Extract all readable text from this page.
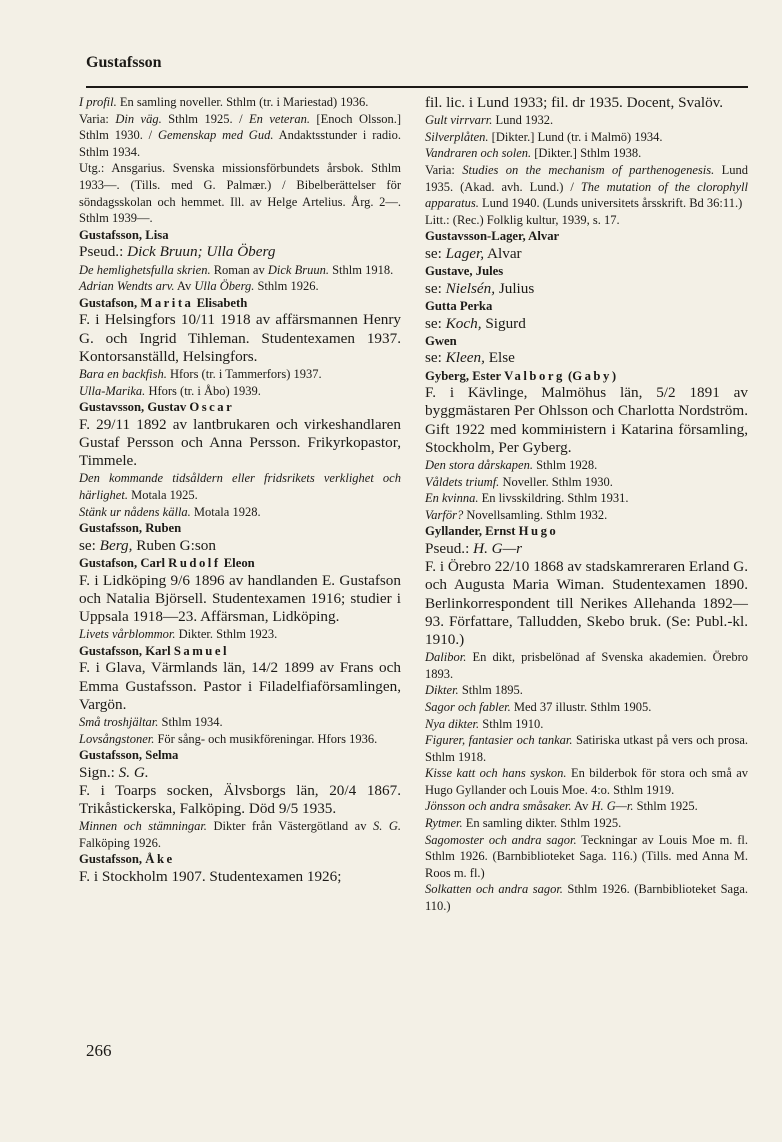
Gustafsson
I profil. En samling noveller. Sthlm (tr. i Mariestad) 1936.
Varia: Din väg. Sthlm 1925. / En veteran. [Enoch Olsson.] Sthlm 1930. / Gemenskap med Gud. Andaktsstunder i radio. Sthlm 1934.
Utg.: Ansgarius. Svenska missionsförbundets årsbok. Sthlm 1933—. (Tills. med G. Palmær.) / Bibelberättelser för söndagsskolan och hemmet. Ill. av Helge Artelius. Årg. 2—. Sthlm 1939—.
Gustafsson, Lisa
Pseud.: Dick Bruun; Ulla Öberg
De hemlighetsfulla skrien. Roman av Dick Bruun. Sthlm 1918.
Adrian Wendts arv. Av Ulla Öberg. Sthlm 1926.
Gustafson, Marita Elisabeth
F. i Helsingfors 10/11 1918 av affärsmannen Henry G. och Ingrid Tihleman. Studentexamen 1937. Kontorsanställd, Helsingfors.
Bara en backfish. Hfors (tr. i Tammerfors) 1937.
Ulla-Marika. Hfors (tr. i Åbo) 1939.
Gustavsson, Gustav Oscar
F. 29/11 1892 av lantbrukaren och virkeshandlaren Gustaf Persson och Anna Persson. Frikyrkopastor, Timmele.
Den kommande tidsåldern eller fridsrikets verklighet och härlighet. Motala 1925.
Stänk ur nådens källa. Motala 1928.
Gustafsson, Ruben
se: Berg, Ruben G:son
Gustafson, Carl Rudolf Eleon
F. i Lidköping 9/6 1896 av handlanden E. Gustafson och Natalia Björsell. Studentexamen 1916; studier i Uppsala 1918—23. Affärsman, Lidköping.
Livets vårblommor. Dikter. Sthlm 1923.
Gustafsson, Karl Samuel
F. i Glava, Värmlands län, 14/2 1899 av Frans och Emma Gustafsson. Pastor i Filadelfiaförsamlingen, Vargön.
Små troshjältar. Sthlm 1934.
Lovsångstoner. För sång- och musikföreningar. Hfors 1936.
Gustafsson, Selma
Sign.: S. G.
F. i Toarps socken, Älvsborgs län, 20/4 1867. Trikåstickerska, Falköping. Död 9/5 1935.
Minnen och stämningar. Dikter från Västergötland av S. G. Falköping 1926.
Gustafsson, Åke
F. i Stockholm 1907. Studentexamen 1926;
fil. lic. i Lund 1933; fil. dr 1935. Docent, Svalöv.
Gult virrvarr. Lund 1932.
Silverplåten. [Dikter.] Lund (tr. i Malmö) 1934.
Vandraren och solen. [Dikter.] Sthlm 1938.
Varia: Studies on the mechanism of parthenogenesis. Lund 1935. (Akad. avh. Lund.) / The mutation of the clorophyll apparatus. Lund 1940. (Lunds universitets årsskrift. Bd 36:11.)
Litt.: (Rec.) Folklig kultur, 1939, s. 17.
Gustavsson-Lager, Alvar
se: Lager, Alvar
Gustave, Jules
se: Nielsén, Julius
Gutta Perka
se: Koch, Sigurd
Gwen
se: Kleen, Else
Gyberg, Ester Valborg (Gaby)
F. i Kävlinge, Malmöhus län, 5/2 1891 av byggmästaren Per Ohlsson och Charlotta Nordström. Gift 1922 med kommінistern i Katarina församling, Stockholm, Per Gyberg.
Den stora dårskapen. Sthlm 1928.
Våldets triumf. Noveller. Sthlm 1930.
En kvinna. En livsskildring. Sthlm 1931.
Varför? Novellsamling. Sthlm 1932.
Gyllander, Ernst Hugo
Pseud.: H. G—r
F. i Örebro 22/10 1868 av stadskamreraren Erland G. och Augusta Maria Wiman. Studentexamen 1890. Berlinkorrespondent till Nerikes Allehanda 1892—93. Författare, Talludden, Skebo bruk. (Se: Publ.-kl. 1910.)
Dalibor. En dikt, prisbelönad af Svenska akademien. Örebro 1893.
Dikter. Sthlm 1895.
Sagor och fabler. Med 37 illustr. Sthlm 1905.
Nya dikter. Sthlm 1910.
Figurer, fantasier och tankar. Satiriska utkast på vers och prosa. Sthlm 1918.
Kisse katt och hans syskon. En bilderbok för stora och små av Hugo Gyllander och Louis Moe. 4:o. Sthlm 1919.
Jönsson och andra småsaker. Av H. G—r. Sthlm 1925.
Rytmer. En samling dikter. Sthlm 1925.
Sagomoster och andra sagor. Teckningar av Louis Moe m. fl. Sthlm 1926. (Barnbiblioteket Saga. 116.) (Tills. med Anna M. Roos m. fl.)
Solkatten och andra sagor. Sthlm 1926. (Barnbiblioteket Saga. 110.)
266
